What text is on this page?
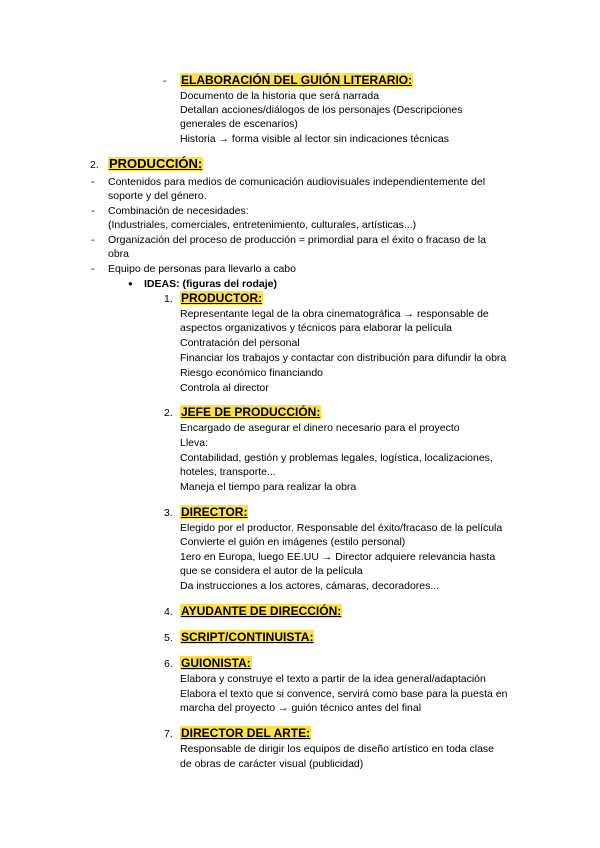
- ELABORACIÓN DEL GUIÓN LITERARIO:
Documento de la historia que será narrada
Detallan acciones/diálogos de los personajes (Descripciones
generales de escenarios)
Historia → forma visible al lector sin indicaciones técnicas
2. PRODUCCIÓN:
- Contenidos para medios de comunicación audiovisuales independientemente del
soporte y del género.
- Combinación de necesidades:
(Industriales, comerciales, entretenimiento, culturales, artísticas...)
- Organización del proceso de producción = primordial para el éxito o fracaso de la
obra
- Equipo de personas para llevarlo a cabo
● IDEAS: (figuras del rodaje)
1. PRODUCTOR:
Representante legal de la obra cinematográfica → responsable de
aspectos organizativos y técnicos para elaborar la película
Contratación del personal
Financiar los trabajos y contactar con distribución para difundir la obra
Riesgo económico financiando
Controla al director
2. JEFE DE PRODUCCIÓN:
Encargado de asegurar el dinero necesario para el proyecto
Lleva:
Contabilidad, gestión y problemas legales, logística, localizaciones,
hoteles, transporte...
Maneja el tiempo para realizar la obra
3. DIRECTOR:
Elegido por el productor. Responsable del éxito/fracaso de la película
Convierte el guión en imágenes (estilo personal)
1ero en Europa, luego EE.UU → Director adquiere relevancia hasta
que se considera el autor de la película
Da instrucciones a los actores, cámaras, decoradores...
4. AYUDANTE DE DIRECCIÓN:
5. SCRIPT/CONTINUISTA:
6. GUIONISTA:
Elabora y construye el texto a partir de la idea general/adaptación
Elabora el texto que si convence, servirá como base para la puesta en
marcha del proyecto → guión técnico antes del final
7. DIRECTOR DEL ARTE:
Responsable de dirigir los equipos de diseño artístico en toda clase
de obras de carácter visual (publicidad)
